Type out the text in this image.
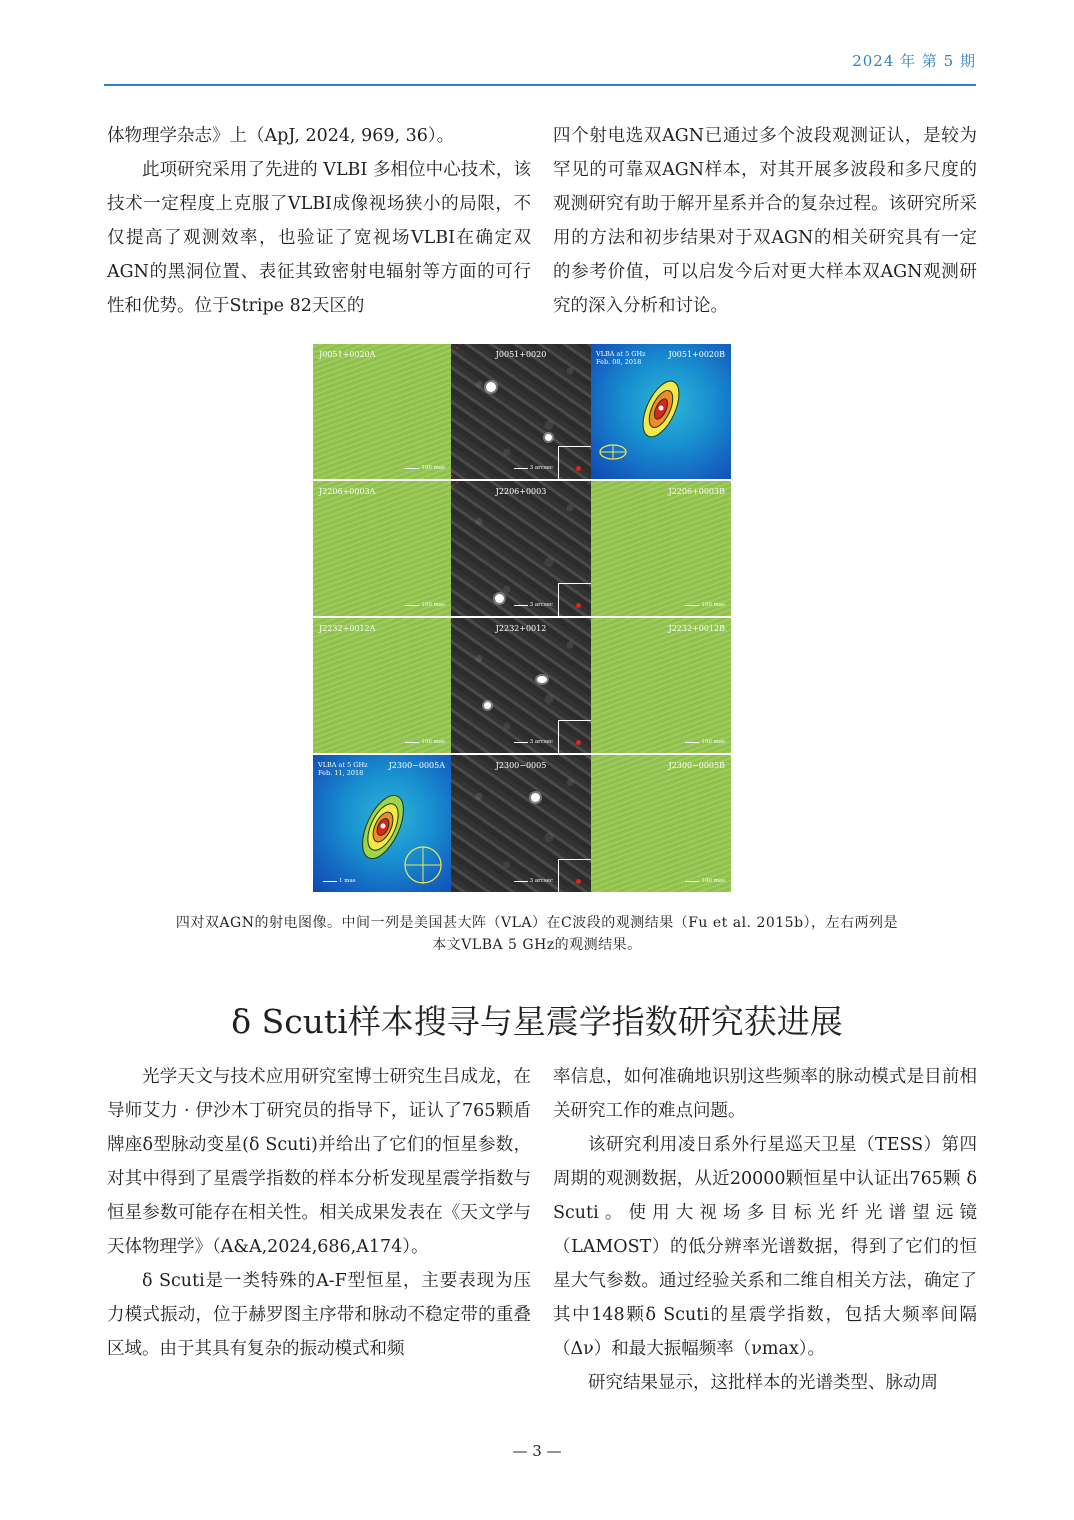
2024 年 第 5 期

体物理学杂志》上（ApJ, 2024, 969, 36）。

此项研究采用了先进的 VLBI 多相位中心技术，该技术一定程度上克服了VLBI成像视场狭小的局限，不仅提高了观测效率，也验证了宽视场VLBI在确定双AGN的黑洞位置、表征其致密射电辐射等方面的可行性和优势。位于Stripe 82天区的

四个射电选双AGN已通过多个波段观测证认，是较为罕见的可靠双AGN样本，对其开展多波段和多尺度的观测研究有助于解开星系并合的复杂过程。该研究所采用的方法和初步结果对于双AGN的相关研究具有一定的参考价值，可以启发今后对更大样本双AGN观测研究的深入分析和讨论。

J0051+0020A
100 mas
J0051+0020
3 arcsec
VLBA at 5 GHz
Feb. 08, 2018
J0051+0020B
J2206+0003A
100 mas
J2206+0003
3 arcsec
J2206+0003B
100 mas
J2232+0012A
100 mas
J2232+0012
3 arcsec
J2232+0012B
100 mas
VLBA at 5 GHz
Feb. 11, 2018
J2300−0005A
1 mas
J2300−0005
3 arcsec
J2300−0005B
100 mas
四对双AGN的射电图像。中间一列是美国甚大阵（VLA）在C波段的观测结果（Fu et al. 2015b），左右两列是
本文VLBA 5 GHz的观测结果。
δ Scuti样本搜寻与星震学指数研究获进展

光学天文与技术应用研究室博士研究生吕成龙，在导师艾力 · 伊沙木丁研究员的指导下，证认了765颗盾牌座δ型脉动变星(δ Scuti)并给出了它们的恒星参数，对其中得到了星震学指数的样本分析发现星震学指数与恒星参数可能存在相关性。相关成果发表在《天文学与天体物理学》（A&A,2024,686,A174）。

δ Scuti是一类特殊的A-F型恒星，主要表现为压力模式振动，位于赫罗图主序带和脉动不稳定带的重叠区域。由于其具有复杂的振动模式和频

率信息，如何准确地识别这些频率的脉动模式是目前相关研究工作的难点问题。

该研究利用凌日系外行星巡天卫星（TESS）第四周期的观测数据，从近20000颗恒星中认证出765颗 δ Scuti。使用大视场多目标光纤光谱望远镜（LAMOST）的低分辨率光谱数据，得到了它们的恒星大气参数。通过经验关系和二维自相关方法，确定了其中148颗δ Scuti的星震学指数，包括大频率间隔（Δν）和最大振幅频率（νmax）。

研究结果显示，这批样本的光谱类型、脉动周

— 3 —
